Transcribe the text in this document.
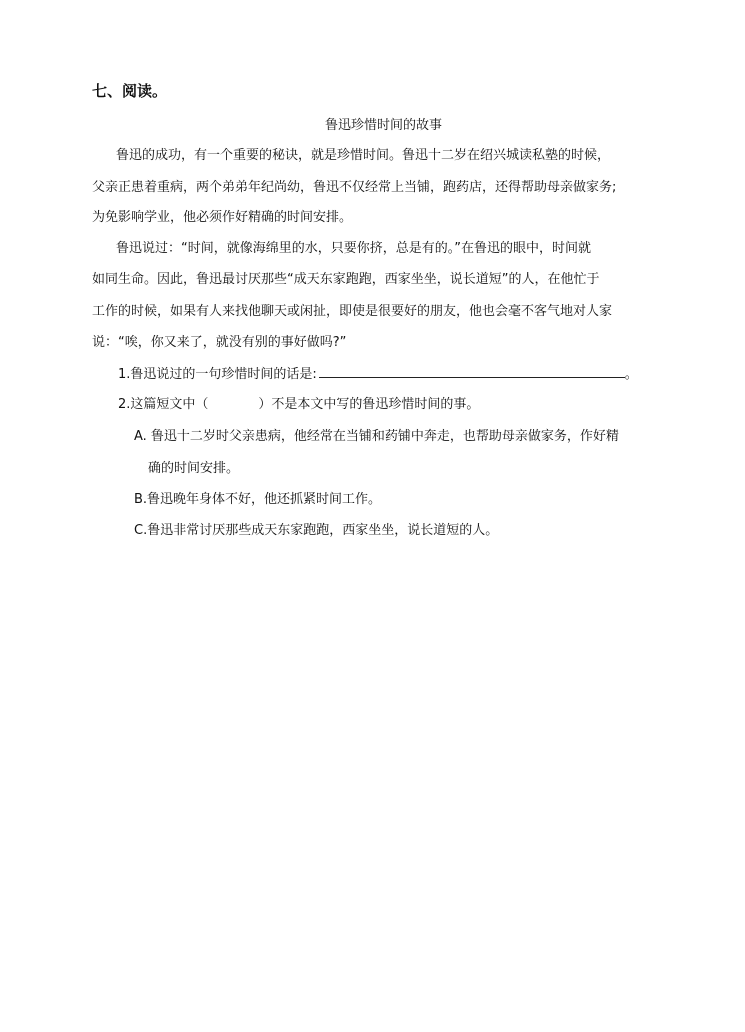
七、阅读。
鲁迅珍惜时间的故事
鲁迅的成功，有一个重要的秘诀，就是珍惜时间。鲁迅十二岁在绍兴城读私塾的时候，
父亲正患着重病，两个弟弟年纪尚幼，鲁迅不仅经常上当铺，跑药店，还得帮助母亲做家务;
为免影响学业，他必须作好精确的时间安排。
鲁迅说过：“时间，就像海绵里的水，只要你挤，总是有的。”在鲁迅的眼中，时间就
如同生命。因此，鲁迅最讨厌那些“成天东家跑跑，西家坐坐，说长道短”的人，在他忙于
工作的时候，如果有人来找他聊天或闲扯，即使是很要好的朋友，他也会毫不客气地对人家
说：“唉，你又来了，就没有别的事好做吗?”
1.鲁迅说过的一句珍惜时间的话是:	。
2.这篇短文中（	）不是本文中写的鲁迅珍惜时间的事。
A. 鲁迅十二岁时父亲患病，他经常在当铺和药铺中奔走，也帮助母亲做家务，作好精
确的时间安排。
B.鲁迅晚年身体不好，他还抓紧时间工作。
C.鲁迅非常讨厌那些成天东家跑跑，西家坐坐，说长道短的人。
